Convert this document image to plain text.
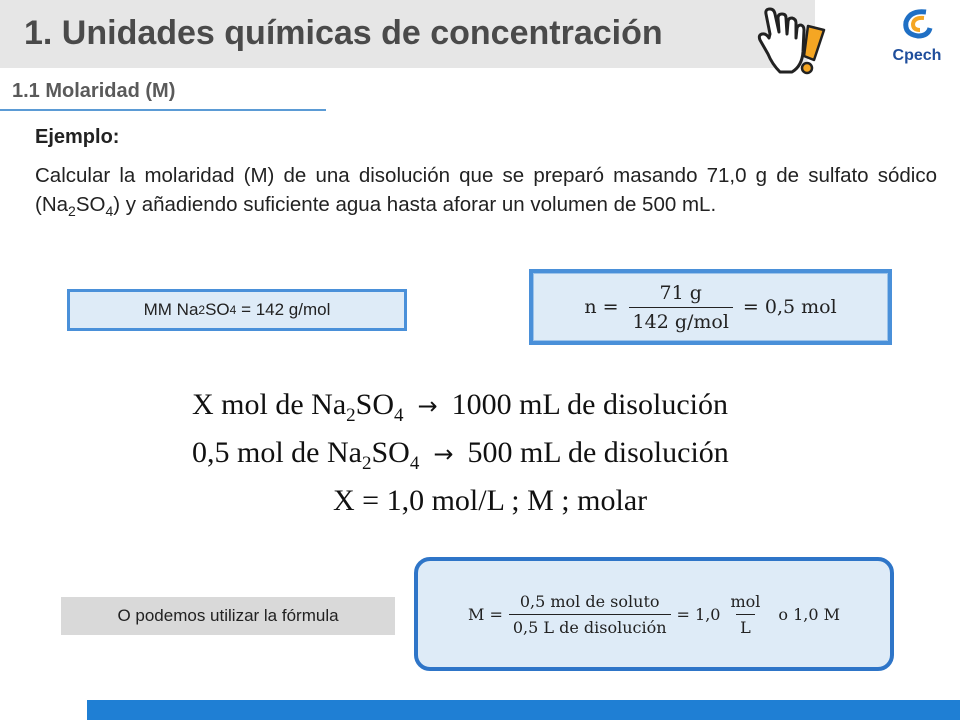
1. Unidades químicas de concentración
Cpech
1.1 Molaridad (M)
Ejemplo:
Calcular la molaridad (M) de una disolución que se preparó masando 71,0 g de sulfato sódico $(Na_2SO_4)$ y añadiendo suficiente agua hasta aforar un volumen de 500 mL.
MM Na 2 SO 4 = 142 g/mol	$n = \frac{71 g}{\text{142 g/mol}} = 0,5$ mol
X mol de $Na_2SO_4 \to 1000$ mL de disolución
0,5 mol de $Na_2SO_4 \to 500$ mL de disolución
X = 1,0 mol/L ; M ; molar
O podemos utilizar la fórmula	$M = \frac{\text{0,5 mol de soluto}}{\text{0,5 L de disolución}} = 1,0 \frac{\text{mol}}{L}$ o 1,0 M
